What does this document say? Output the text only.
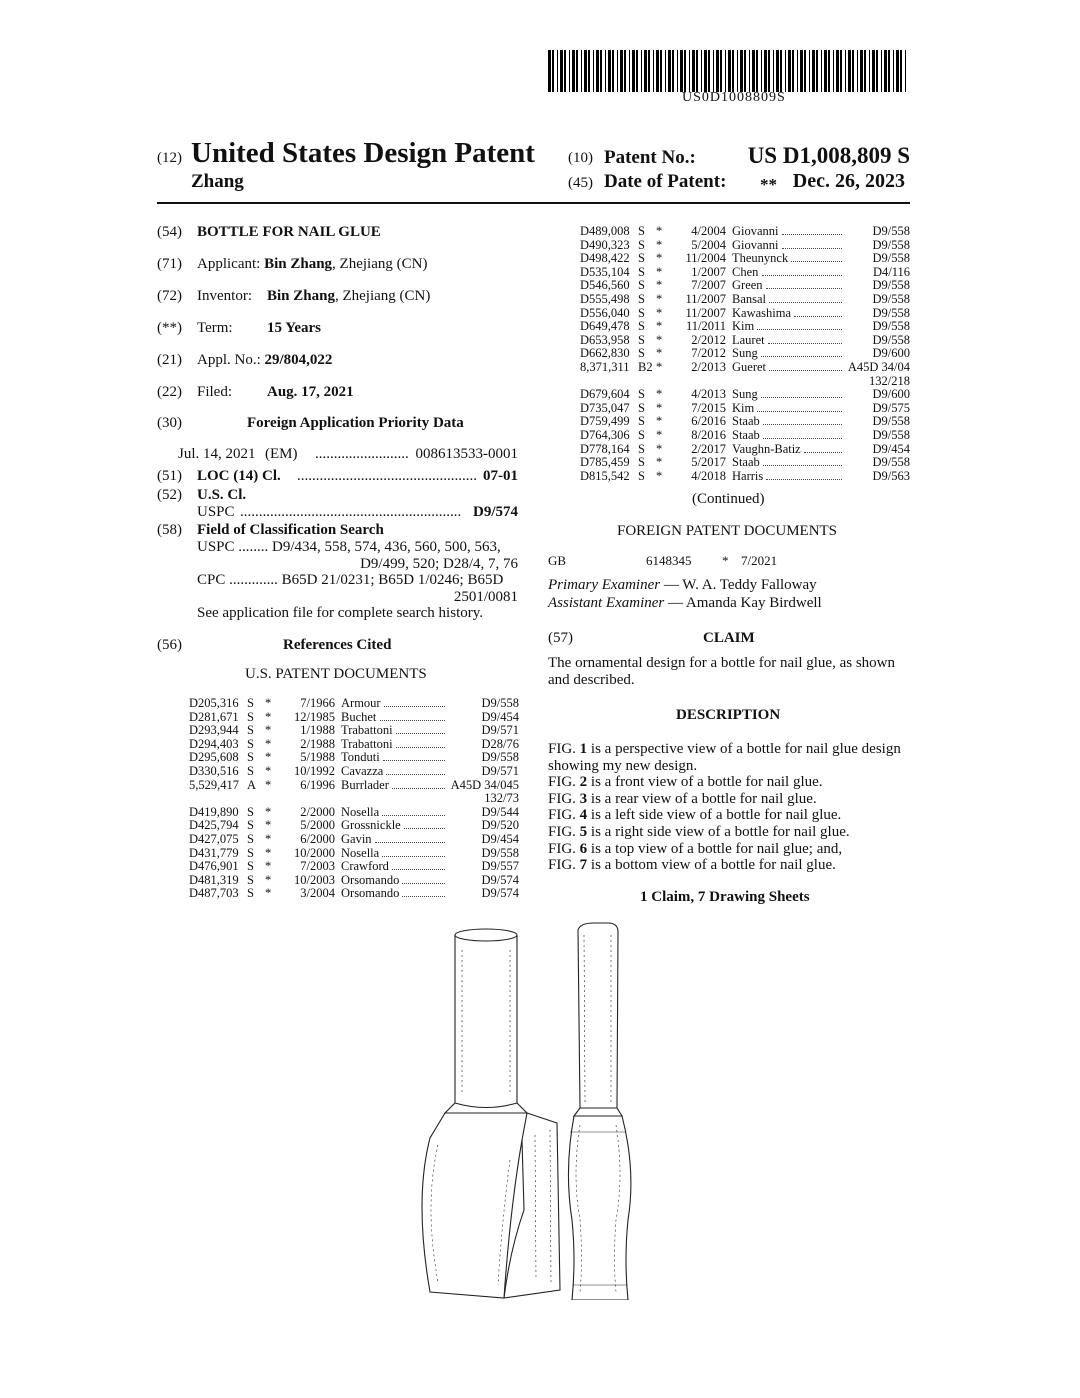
US0D1008809S
(12) United States Design Patent
Zhang
(10) Patent No.: US D1,008,809 S
(45) Date of Patent: ** Dec. 26, 2023
(54) BOTTLE FOR NAIL GLUE
(71) Applicant: Bin Zhang, Zhejiang (CN)
(72) Inventor: Bin Zhang, Zhejiang (CN)
(**) Term: 15 Years
(21) Appl. No.: 29/804,022
(22) Filed: Aug. 17, 2021
(30)	Foreign Application Priority Data
Jul. 14, 2021 (EM) ......................... 008613533-0001
(51) LOC (14) Cl. ................................................ 07-01
(52) U.S. Cl.
USPC ........................................................... D9/574
(58) Field of Classification Search
USPC ........ D9/434, 558, 574, 436, 560, 500, 563,
D9/499, 520; D28/4, 7, 76
CPC ............. B65D 21/0231; B65D 1/0246; B65D
2501/0081
See application file for complete search history.
(56)	References Cited
U.S. PATENT DOCUMENTS
D205,316	S	*	7/1966	Armour	D9/558
D281,671	S	*	12/1985	Buchet	D9/454
D293,944	S	*	1/1988	Trabattoni	D9/571
D294,403	S	*	2/1988	Trabattoni	D28/76
D295,608	S	*	5/1988	Tonduti	D9/558
D330,516	S	*	10/1992	Cavazza	D9/571
5,529,417	A	*	6/1996	Burrlader	A45D 34/045
132/73					
D419,890	S	*	2/2000	Nosella	D9/544
D425,794	S	*	5/2000	Grossnickle	D9/520
D427,075	S	*	6/2000	Gavin	D9/454
D431,779	S	*	10/2000	Nosella	D9/558
D476,901	S	*	7/2003	Crawford	D9/557
D481,319	S	*	10/2003	Orsomando	D9/574
D487,703	S	*	3/2004	Orsomando	D9/574
D489,008	S	*	4/2004	Giovanni	D9/558
D490,323	S	*	5/2004	Giovanni	D9/558
D498,422	S	*	11/2004	Theunynck	D9/558
D535,104	S	*	1/2007	Chen	D4/116
D546,560	S	*	7/2007	Green	D9/558
D555,498	S	*	11/2007	Bansal	D9/558
D556,040	S	*	11/2007	Kawashima	D9/558
D649,478	S	*	11/2011	Kim	D9/558
D653,958	S	*	2/2012	Lauret	D9/558
D662,830	S	*	7/2012	Sung	D9/600
8,371,311	B2	*	2/2013	Gueret	A45D 34/04
132/218					
D679,604	S	*	4/2013	Sung	D9/600
D735,047	S	*	7/2015	Kim	D9/575
D759,499	S	*	6/2016	Staab	D9/558
D764,306	S	*	8/2016	Staab	D9/558
D778,164	S	*	2/2017	Vaughn-Batiz	D9/454
D785,459	S	*	5/2017	Staab	D9/558
D815,542	S	*	4/2018	Harris	D9/563
(Continued)
FOREIGN PATENT DOCUMENTS
GB	6148345 * 7/2021
Primary Examiner — W. A. Teddy Falloway
Assistant Examiner — Amanda Kay Birdwell
(57)	CLAIM
The ornamental design for a bottle for nail glue, as shown
and described.
DESCRIPTION
FIG. 1 is a perspective view of a bottle for nail glue design
showing my new design.
FIG. 2 is a front view of a bottle for nail glue.
FIG. 3 is a rear view of a bottle for nail glue.
FIG. 4 is a left side view of a bottle for nail glue.
FIG. 5 is a right side view of a bottle for nail glue.
FIG. 6 is a top view of a bottle for nail glue; and,
FIG. 7 is a bottom view of a bottle for nail glue.
1 Claim, 7 Drawing Sheets
